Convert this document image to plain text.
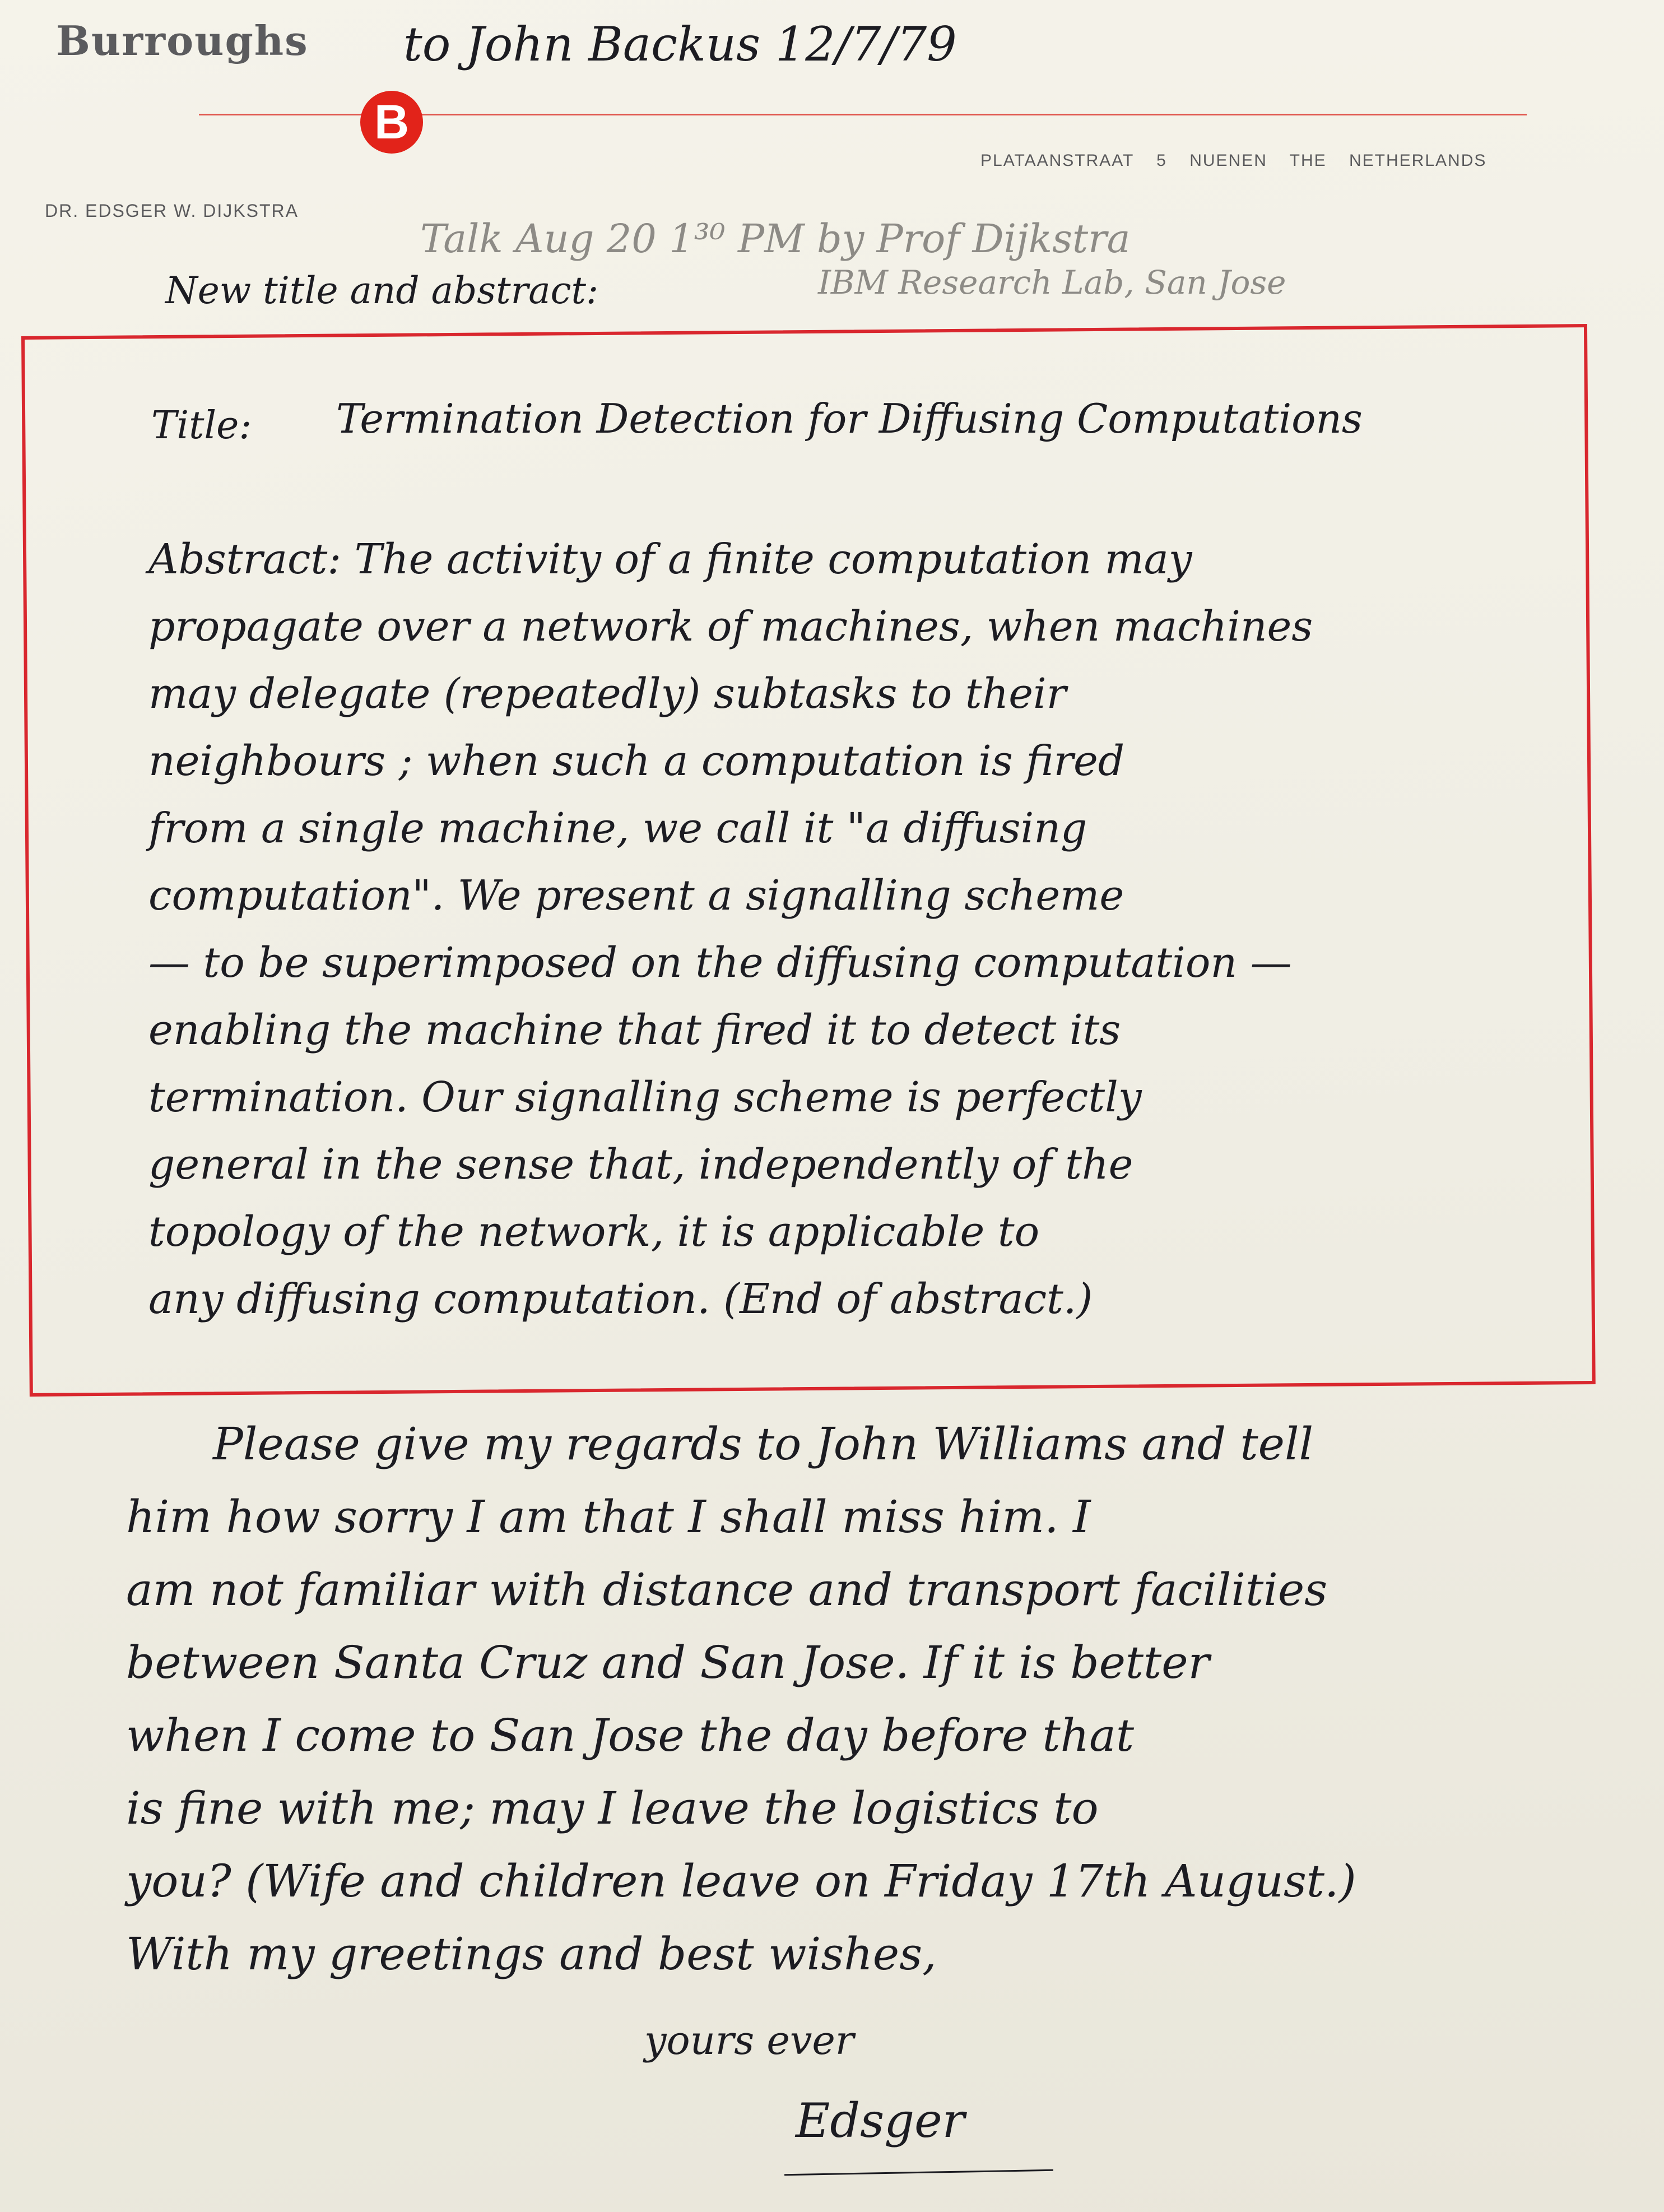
Burroughs to John Backus 12/7/79
B
PLATAANSTRAAT 5 NUENEN THE NETHERLANDS
DR. EDSGER W. DIJKSTRA
Talk Aug 20 1³⁰ PM by Prof Dijkstra
IBM Research Lab, San Jose
New title and abstract:
Title: Termination Detection for Diffusing Computations
Abstract: The activity of a finite computation may
propagate over a network of machines, when machines
may delegate (repeatedly) subtasks to their
neighbours ; when such a computation is fired
from a single machine, we call it "a diffusing
computation". We present a signalling scheme
— to be superimposed on the diffusing computation —
enabling the machine that fired it to detect its
termination. Our signalling scheme is perfectly
general in the sense that, independently of the
topology of the network, it is applicable to
any diffusing computation. (End of abstract.)
Please give my regards to John Williams and tell
him how sorry I am that I shall miss him. I
am not familiar with distance and transport facilities
between Santa Cruz and San Jose. If it is better
when I come to San Jose the day before that
is fine with me; may I leave the logistics to
you? (Wife and children leave on Friday 17th August.)
With my greetings and best wishes,
yours ever
Edsger
